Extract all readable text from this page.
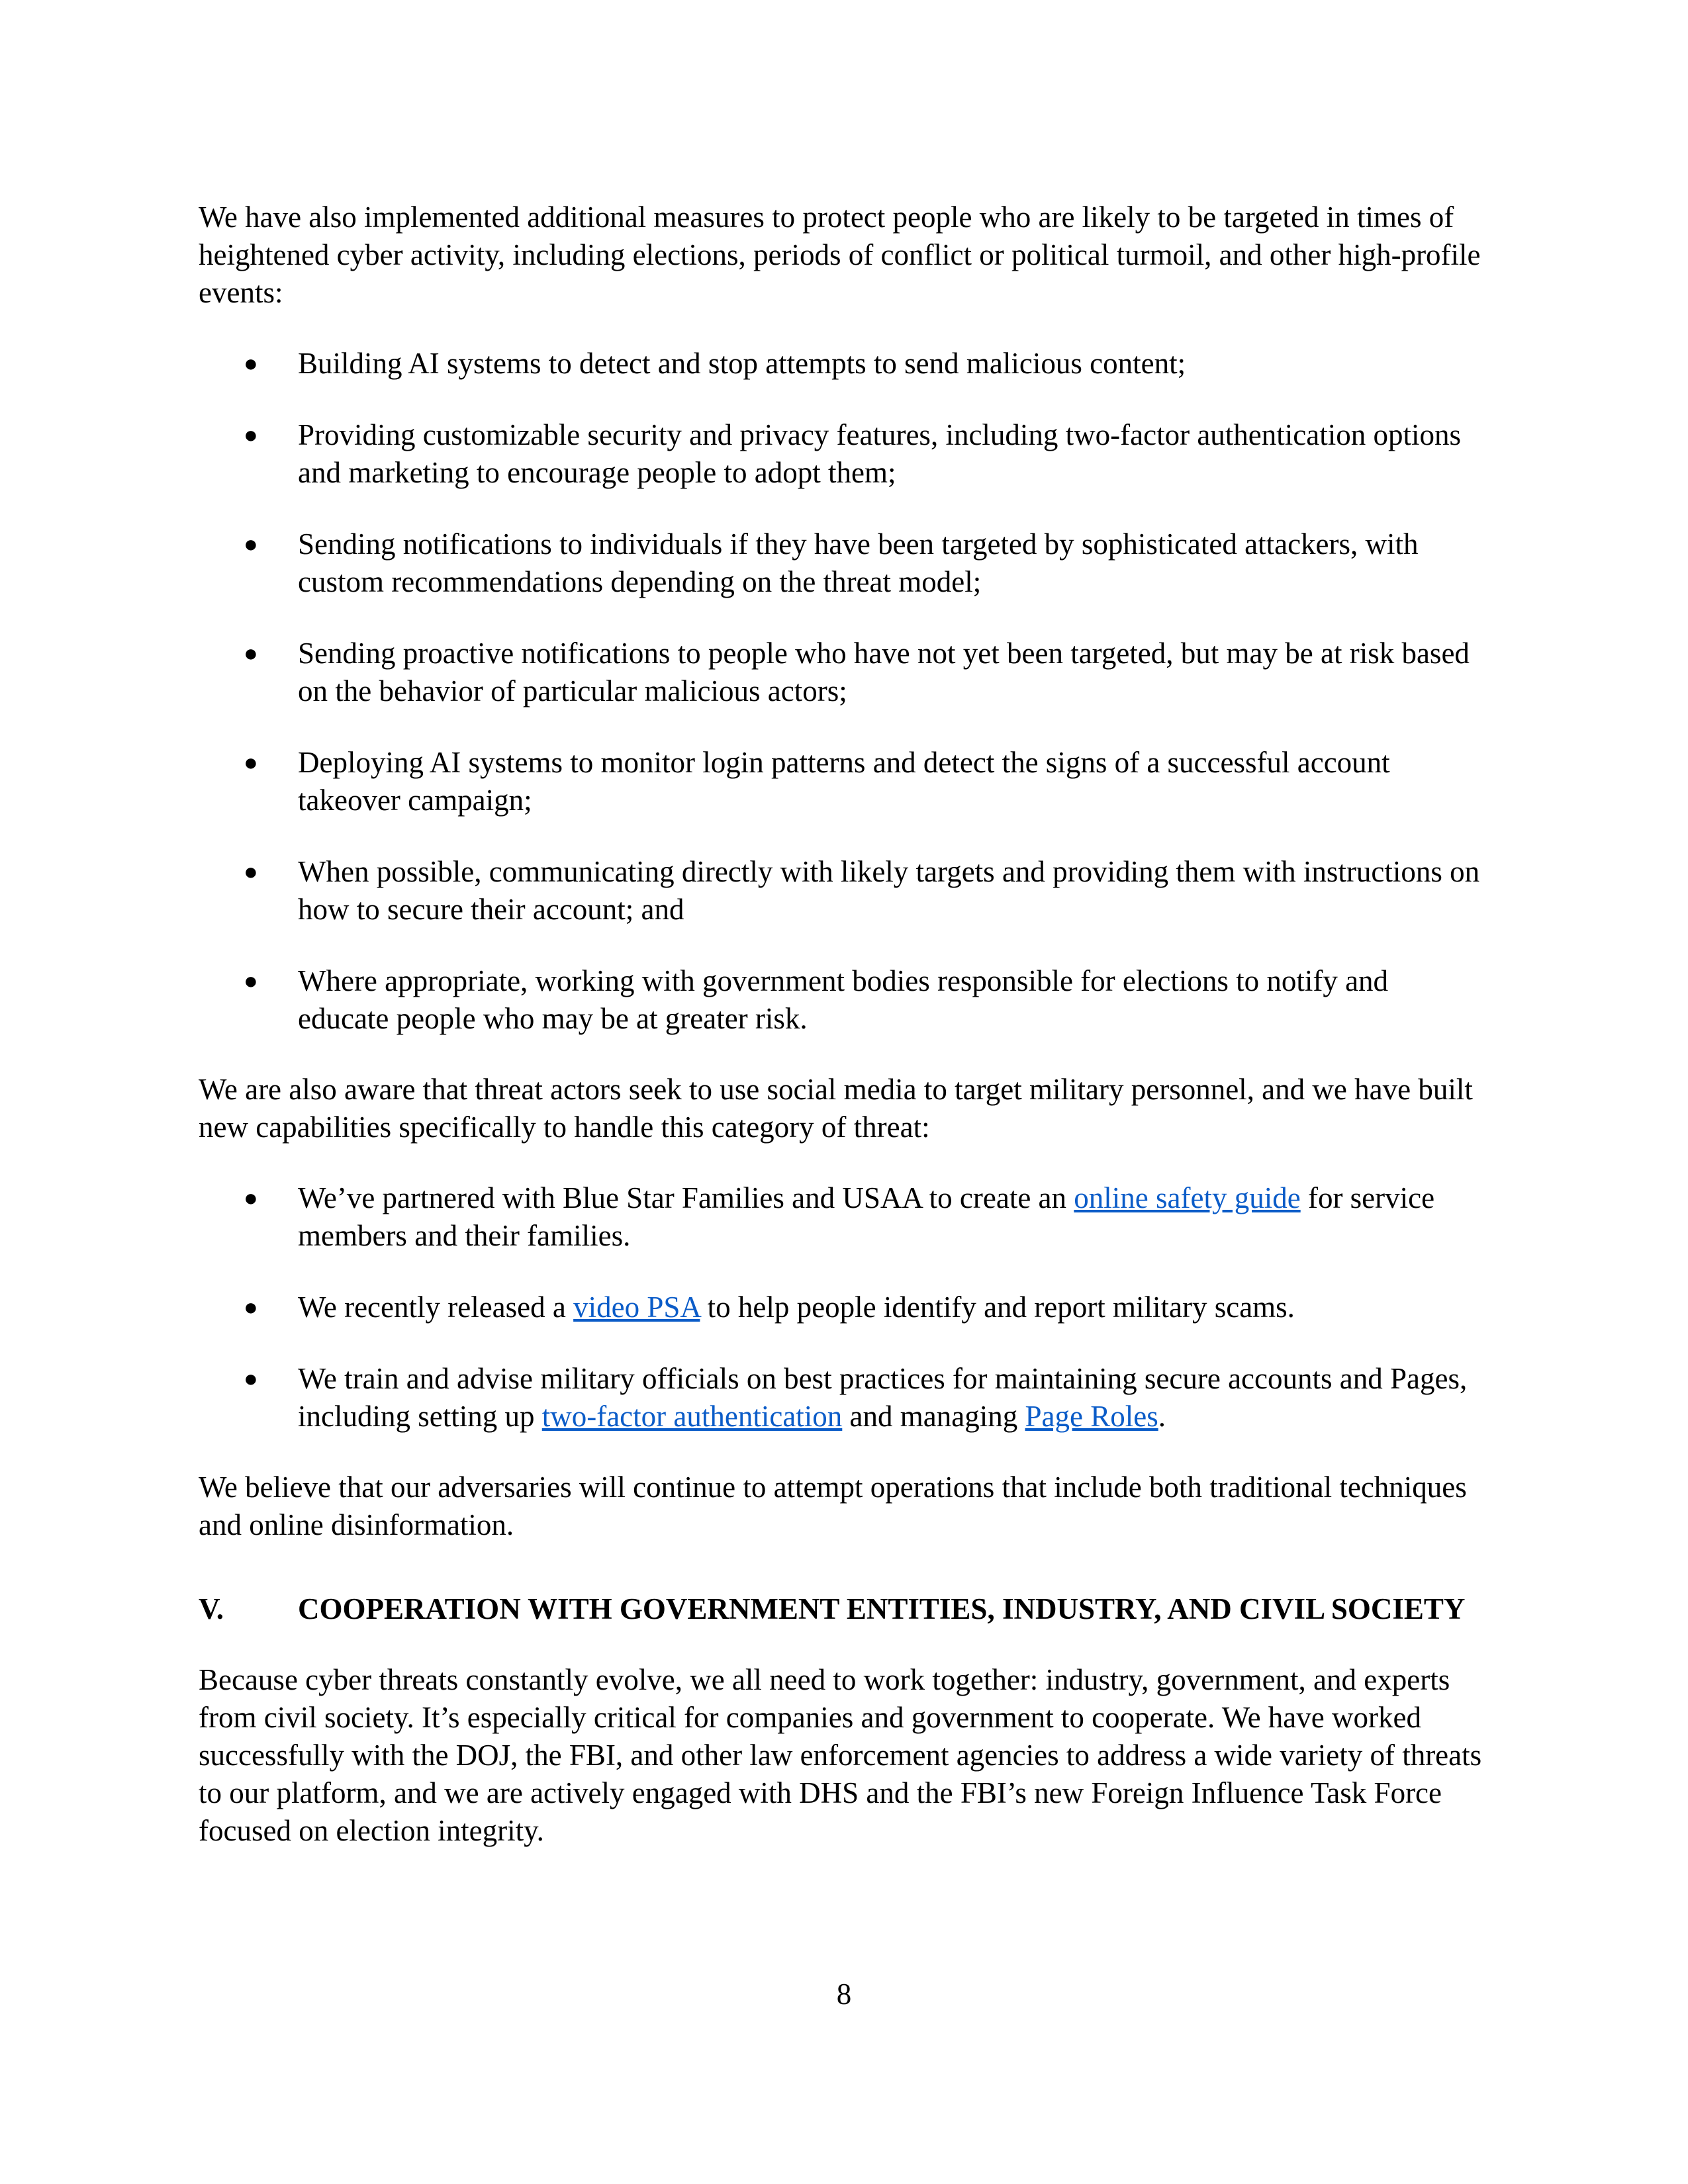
We have also implemented additional measures to protect people who are likely to be targeted in times of heightened cyber activity, including elections, periods of conflict or political turmoil, and other high-profile events:

● Building AI systems to detect and stop attempts to send malicious content;
● Providing customizable security and privacy features, including two-factor authentication options and marketing to encourage people to adopt them;
● Sending notifications to individuals if they have been targeted by sophisticated attackers, with custom recommendations depending on the threat model;
● Sending proactive notifications to people who have not yet been targeted, but may be at risk based on the behavior of particular malicious actors;
● Deploying AI systems to monitor login patterns and detect the signs of a successful account takeover campaign;
● When possible, communicating directly with likely targets and providing them with instructions on how to secure their account; and
● Where appropriate, working with government bodies responsible for elections to notify and educate people who may be at greater risk.

We are also aware that threat actors seek to use social media to target military personnel, and we have built new capabilities specifically to handle this category of threat:

● We’ve partnered with Blue Star Families and USAA to create an online safety guide for service members and their families.
● We recently released a video PSA to help people identify and report military scams.
● We train and advise military officials on best practices for maintaining secure accounts and Pages, including setting up two-factor authentication and managing Page Roles.

We believe that our adversaries will continue to attempt operations that include both traditional techniques and online disinformation.

V. COOPERATION WITH GOVERNMENT ENTITIES, INDUSTRY, AND CIVIL SOCIETY

Because cyber threats constantly evolve, we all need to work together: industry, government, and experts from civil society. It’s especially critical for companies and government to cooperate. We have worked successfully with the DOJ, the FBI, and other law enforcement agencies to address a wide variety of threats to our platform, and we are actively engaged with DHS and the FBI’s new Foreign Influence Task Force focused on election integrity.

8
